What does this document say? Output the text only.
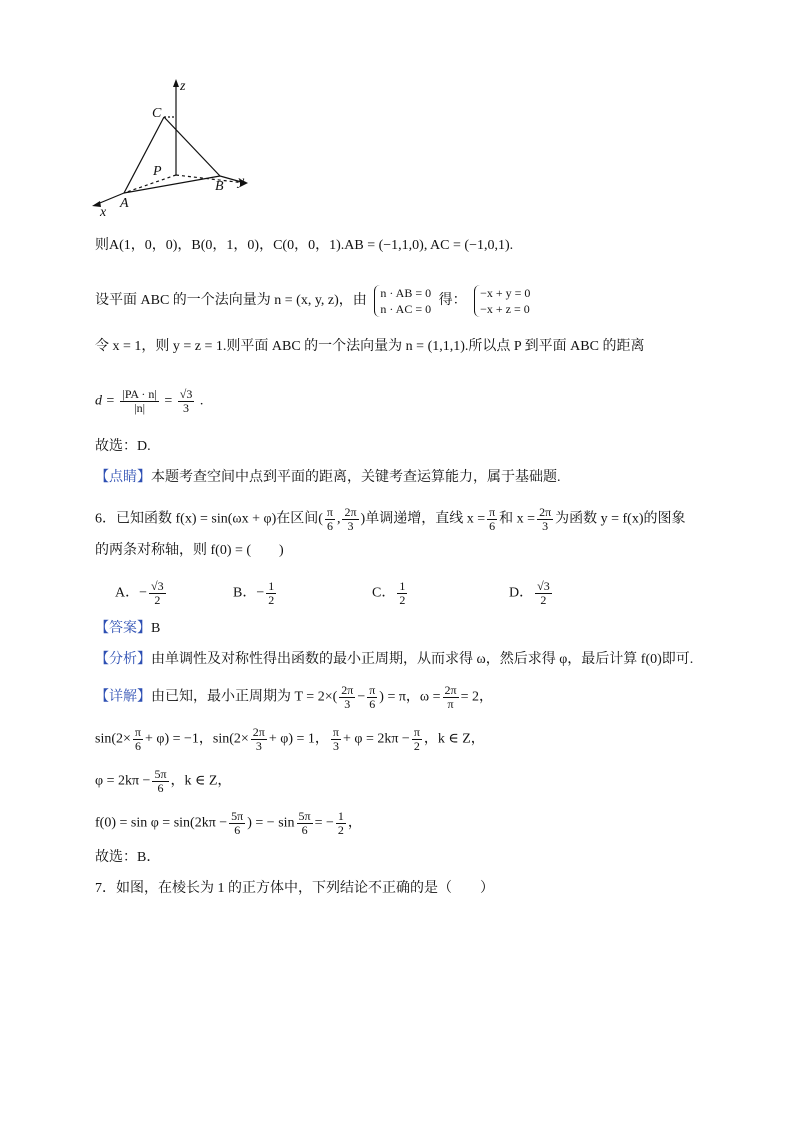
z
y
x
C
P
B
A
则A(1，0，0)，B(0，1，0)，C(0，0，1).AB = (−1,1,0), AC = (−1,0,1).
设平面 ABC 的一个法向量为 n = (x, y, z)，由
n · AB = 0
n · AC = 0
得：
−x + y = 0
−x + z = 0
令 x = 1，则 y = z = 1.则平面 ABC 的一个法向量为 n = (1,1,1).所以点 P 到平面 ABC 的距离
$d = \frac{|PA \cdot n|}{|n|} = \frac{√3}{3}$ .
故选：D.
【点睛】本题考查空间中点到平面的距离，关键考查运算能力，属于基础题.
6．已知函数 f(x) = sin(ωx + φ)在区间( $\frac{\pi}{6}$ , $\frac{2\pi}{3}$ )单调递增，直线 $x = \frac{\pi}{6}$ 和 $x = \frac{2\pi}{3}$ 为函数 y = f(x)的图象
的两条对称轴，则 f(0) = (　　)
A．− $\frac{√3}{2}$	B．− $\frac{1}{2}$	C． $\frac{1}{2}$	D． $\frac{√3}{2}$
【答案】B
【分析】由单调性及对称性得出函数的最小正周期，从而求得 ω，然后求得 φ，最后计算 f(0)即可.
【详解】由已知，最小正周期为 $T = 2\times( \frac{2\pi}{3} - \frac{\pi}{6}$ ) = π，$\omega = \frac{2\pi}{\pi} = 2$，
$\sin(2\times \frac{\pi}{6} + \varphi) = -1$，$\sin(2\times \frac{2\pi}{3} + \varphi) = 1$， $\frac{\pi}{3} + \varphi = 2k\pi - \frac{\pi}{2}$ ，k ∈ Z，
$\varphi = 2k\pi - \frac{5\pi}{6}$ ，k ∈ Z，
$f(0) = \sin \varphi = \sin(2k\pi - \frac{5\pi}{6}$ ) = − $\sin \frac{5\pi}{6}$ = − $\frac{1}{2}$ ，
故选：B．
7．如图，在棱长为 1 的正方体中，下列结论不正确的是（　　）
